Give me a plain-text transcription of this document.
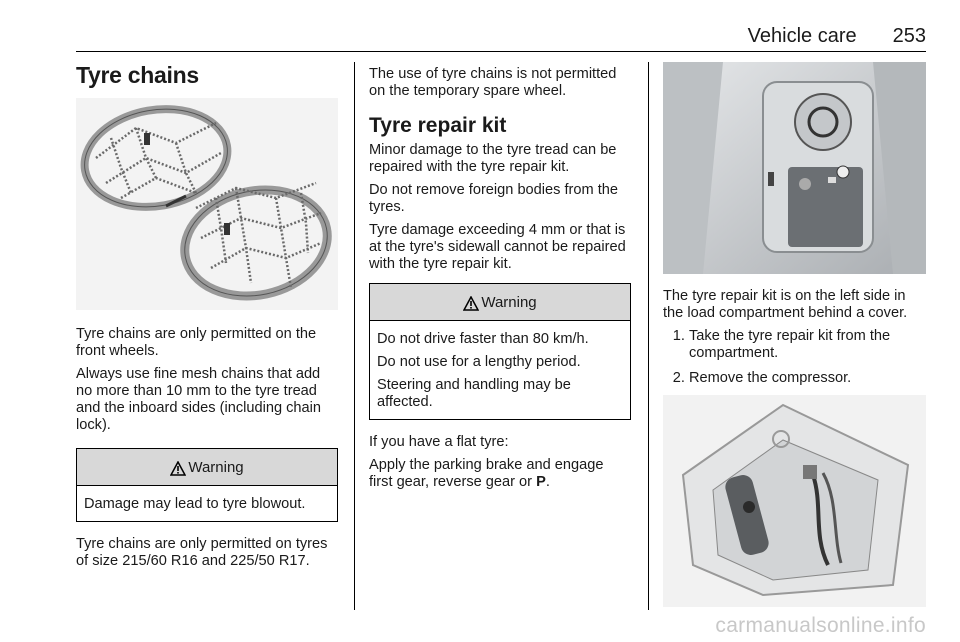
Vehicle care 253
Tyre chains

Tyre chains are only permitted on the front wheels.

Always use fine mesh chains that add no more than 10 mm to the tyre tread and the inboard sides (including chain lock).

Warning

Damage may lead to tyre blowout.

Tyre chains are only permitted on tyres of size 215/60 R16 and 225/50 R17.

The use of tyre chains is not permitted on the temporary spare wheel.

Tyre repair kit

Minor damage to the tyre tread can be repaired with the tyre repair kit.

Do not remove foreign bodies from the tyres.

Tyre damage exceeding 4 mm or that is at the tyre's sidewall cannot be repaired with the tyre repair kit.

Warning

Do not drive faster than 80 km/h.

Do not use for a lengthy period.

Steering and handling may be affected.

If you have a flat tyre:

Apply the parking brake and engage first gear, reverse gear or P.

The tyre repair kit is on the left side in the load compartment behind a cover.

1. Take the tyre repair kit from the compartment.
2. Remove the compressor.
carmanualsonline.info
